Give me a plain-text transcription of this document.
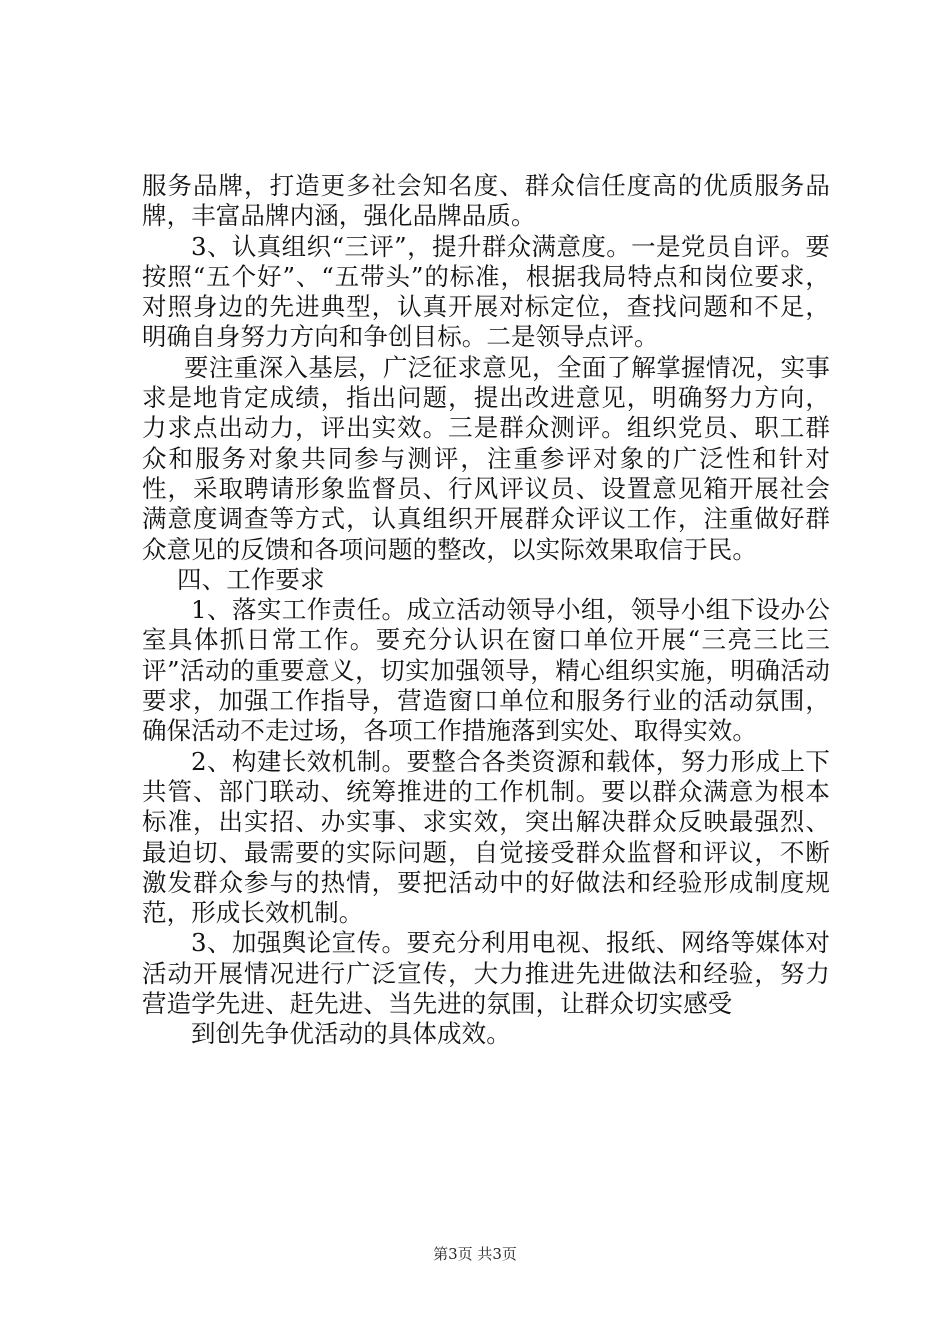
服务品牌，打造更多社会知名度、群众信任度高的优质服务品牌，丰富品牌内涵，强化品牌品质。

3、认真组织“三评”，提升群众满意度。一是党员自评。要按照“五个好”、“五带头”的标准，根据我局特点和岗位要求，对照身边的先进典型，认真开展对标定位，查找问题和不足，明确自身努力方向和争创目标。二是领导点评。

要注重深入基层，广泛征求意见，全面了解掌握情况，实事求是地肯定成绩，指出问题，提出改进意见，明确努力方向，力求点出动力，评出实效。三是群众测评。组织党员、职工群众和服务对象共同参与测评，注重参评对象的广泛性和针对性，采取聘请形象监督员、行风评议员、设置意见箱开展社会满意度调查等方式，认真组织开展群众评议工作，注重做好群众意见的反馈和各项问题的整改，以实际效果取信于民。

四、工作要求

1、落实工作责任。成立活动领导小组，领导小组下设办公室具体抓日常工作。要充分认识在窗口单位开展“三亮三比三评”活动的重要意义，切实加强领导，精心组织实施，明确活动要求，加强工作指导，营造窗口单位和服务行业的活动氛围，确保活动不走过场，各项工作措施落到实处、取得实效。

2、构建长效机制。要整合各类资源和载体，努力形成上下共管、部门联动、统筹推进的工作机制。要以群众满意为根本标准，出实招、办实事、求实效，突出解决群众反映最强烈、最迫切、最需要的实际问题，自觉接受群众监督和评议，不断激发群众参与的热情，要把活动中的好做法和经验形成制度规范，形成长效机制。

3、加强舆论宣传。要充分利用电视、报纸、网络等媒体对活动开展情况进行广泛宣传，大力推进先进做法和经验，努力营造学先进、赶先进、当先进的氛围，让群众切实感受

到创先争优活动的具体成效。

第3页 共3页
